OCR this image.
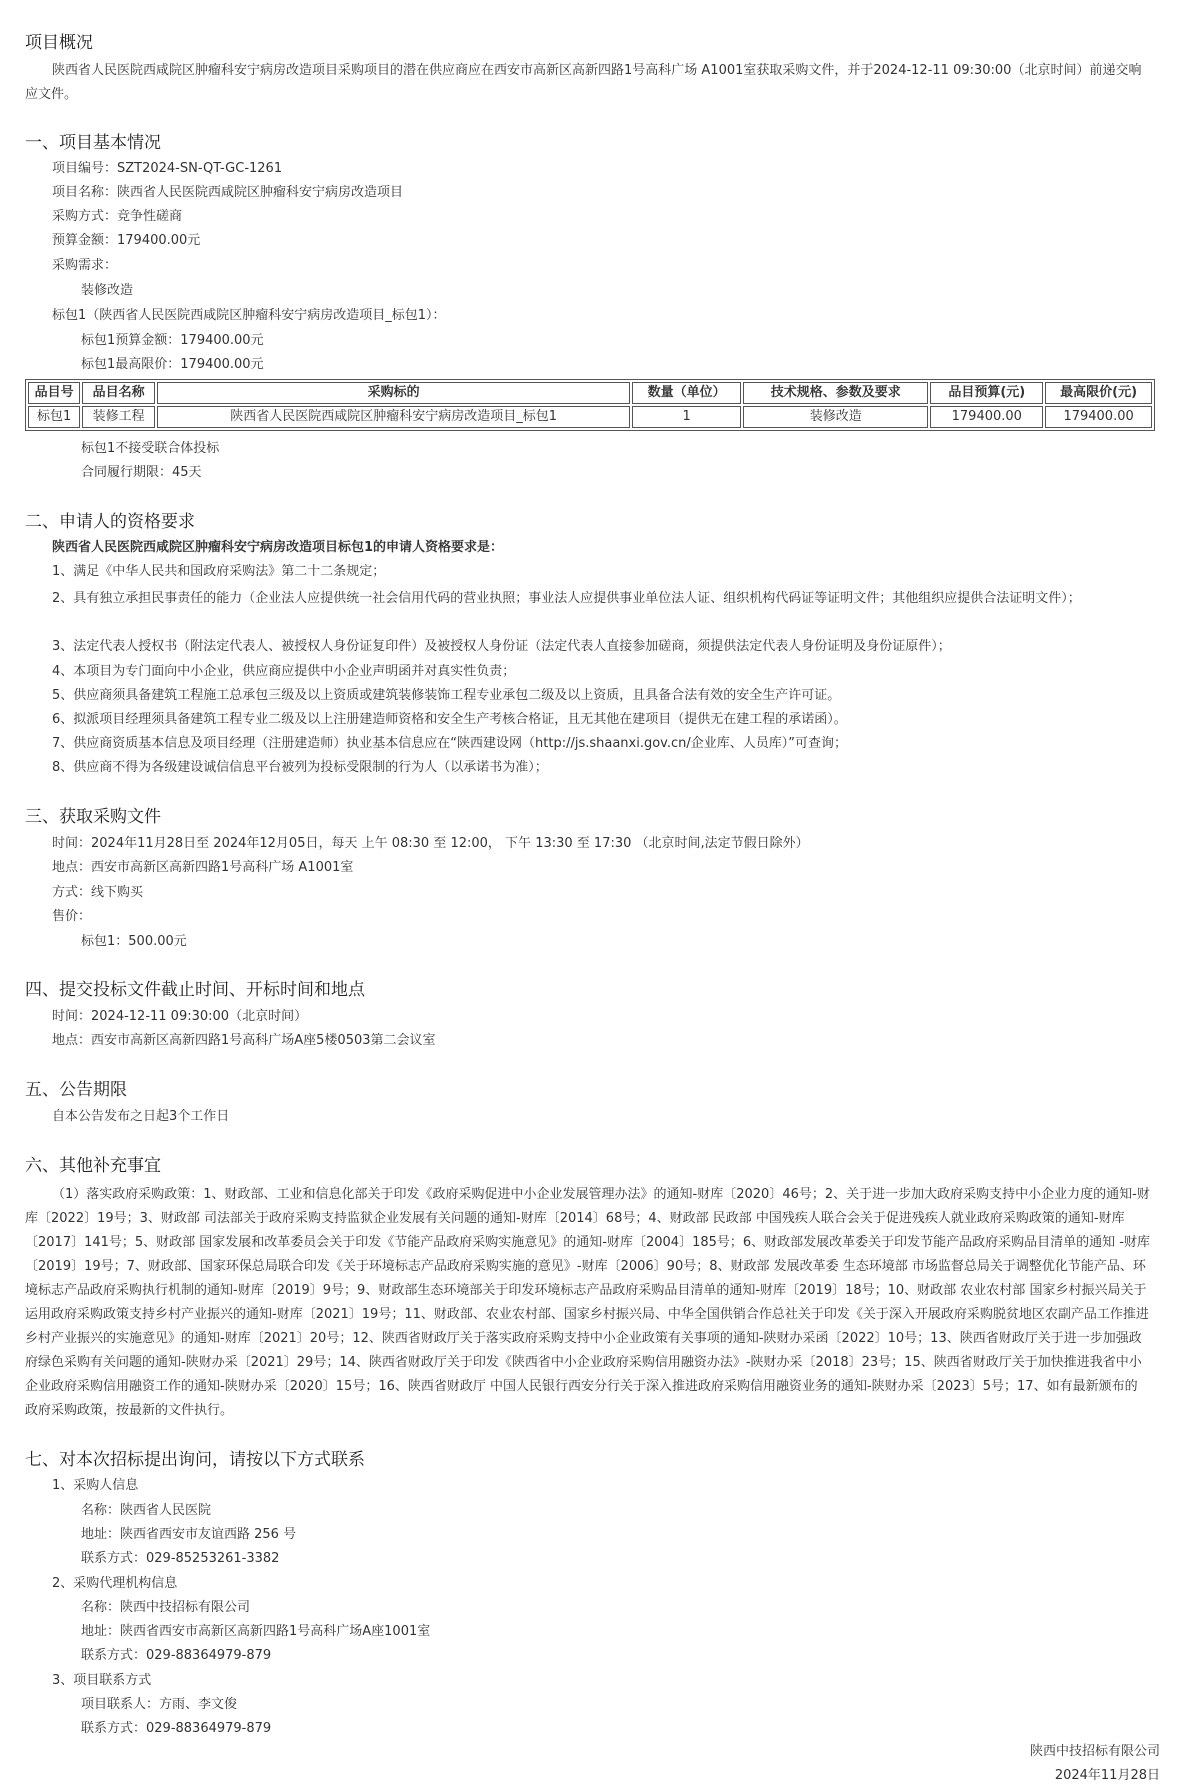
项目概况
陕西省人民医院西咸院区肿瘤科安宁病房改造项目采购项目的潜在供应商应在西安市高新区高新四路1号高科广场 A1001室获取采购文件，并于2024-12-11 09:30:00（北京时间）前递交响应文件。
一、项目基本情况
项目编号：SZT2024-SN-QT-GC-1261
项目名称：陕西省人民医院西咸院区肿瘤科安宁病房改造项目
采购方式：竞争性磋商
预算金额：179400.00元
采购需求：
装修改造
标包1（陕西省人民医院西咸院区肿瘤科安宁病房改造项目_标包1）：
标包1预算金额：179400.00元
标包1最高限价：179400.00元
品目号	品目名称	采购标的	数量（单位）	技术规格、参数及要求	品目预算(元)	最高限价(元)
标包1	装修工程	陕西省人民医院西咸院区肿瘤科安宁病房改造项目_标包1	1	装修改造	179400.00	179400.00
标包1不接受联合体投标
合同履行期限：45天
二、申请人的资格要求
陕西省人民医院西咸院区肿瘤科安宁病房改造项目标包1的申请人资格要求是：
1、满足《中华人民共和国政府采购法》第二十二条规定；
2、具有独立承担民事责任的能力（企业法人应提供统一社会信用代码的营业执照；事业法人应提供事业单位法人证、组织机构代码证等证明文件；其他组织应提供合法证明文件）；
3、法定代表人授权书（附法定代表人、被授权人身份证复印件）及被授权人身份证（法定代表人直接参加磋商，须提供法定代表人身份证明及身份证原件）；
4、本项目为专门面向中小企业，供应商应提供中小企业声明函并对真实性负责；
5、供应商须具备建筑工程施工总承包三级及以上资质或建筑装修装饰工程专业承包二级及以上资质，且具备合法有效的安全生产许可证。
6、拟派项目经理须具备建筑工程专业二级及以上注册建造师资格和安全生产考核合格证，且无其他在建项目（提供无在建工程的承诺函）。
7、供应商资质基本信息及项目经理（注册建造师）执业基本信息应在“陕西建设网（http://js.shaanxi.gov.cn/企业库、人员库）”可查询；
8、供应商不得为各级建设诚信信息平台被列为投标受限制的行为人（以承诺书为准）；
三、获取采购文件
时间：2024年11月28日至 2024年12月05日，每天 上午 08:30 至 12:00， 下午 13:30 至 17:30 （北京时间,法定节假日除外）
地点：西安市高新区高新四路1号高科广场 A1001室
方式：线下购买
售价：
标包1：500.00元
四、提交投标文件截止时间、开标时间和地点
时间：2024-12-11 09:30:00（北京时间）
地点：西安市高新区高新四路1号高科广场A座5楼0503第二会议室
五、公告期限
自本公告发布之日起3个工作日
六、其他补充事宜
（1）落实政府采购政策：1、财政部、工业和信息化部关于印发《政府采购促进中小企业发展管理办法》的通知-财库〔2020〕46号；2、关于进一步加大政府采购支持中小企业力度的通知-财库〔2022〕19号；3、财政部 司法部关于政府采购支持监狱企业发展有关问题的通知-财库〔2014〕68号；4、财政部 民政部 中国残疾人联合会关于促进残疾人就业政府采购政策的通知-财库〔2017〕141号；5、财政部 国家发展和改革委员会关于印发《节能产品政府采购实施意见》的通知-财库〔2004〕185号；6、财政部发展改革委关于印发节能产品政府采购品目清单的通知 -财库〔2019〕19号；7、财政部、国家环保总局联合印发《关于环境标志产品政府采购实施的意见》-财库〔2006〕90号；8、财政部 发展改革委 生态环境部 市场监督总局关于调整优化节能产品、环境标志产品政府采购执行机制的通知-财库〔2019〕9号；9、财政部生态环境部关于印发环境标志产品政府采购品目清单的通知-财库〔2019〕18号；10、财政部 农业农村部 国家乡村振兴局关于运用政府采购政策支持乡村产业振兴的通知-财库〔2021〕19号；11、财政部、农业农村部、国家乡村振兴局、中华全国供销合作总社关于印发《关于深入开展政府采购脱贫地区农副产品工作推进乡村产业振兴的实施意见》的通知-财库〔2021〕20号；12、陕西省财政厅关于落实政府采购支持中小企业政策有关事项的通知-陕财办采函〔2022〕10号；13、陕西省财政厅关于进一步加强政府绿色采购有关问题的通知-陕财办采〔2021〕29号；14、陕西省财政厅关于印发《陕西省中小企业政府采购信用融资办法》-陕财办采〔2018〕23号；15、陕西省财政厅关于加快推进我省中小企业政府采购信用融资工作的通知-陕财办采〔2020〕15号；16、陕西省财政厅 中国人民银行西安分行关于深入推进政府采购信用融资业务的通知-陕财办采〔2023〕5号；17、如有最新颁布的政府采购政策，按最新的文件执行。
七、对本次招标提出询问，请按以下方式联系
1、采购人信息
名称：陕西省人民医院
地址：陕西省西安市友谊西路 256 号
联系方式：029-85253261-3382
2、采购代理机构信息
名称：陕西中技招标有限公司
地址：陕西省西安市高新区高新四路1号高科广场A座1001室
联系方式：029-88364979-879
3、项目联系方式
项目联系人：方雨、李文俊
联系方式：029-88364979-879
陕西中技招标有限公司
2024年11月28日
